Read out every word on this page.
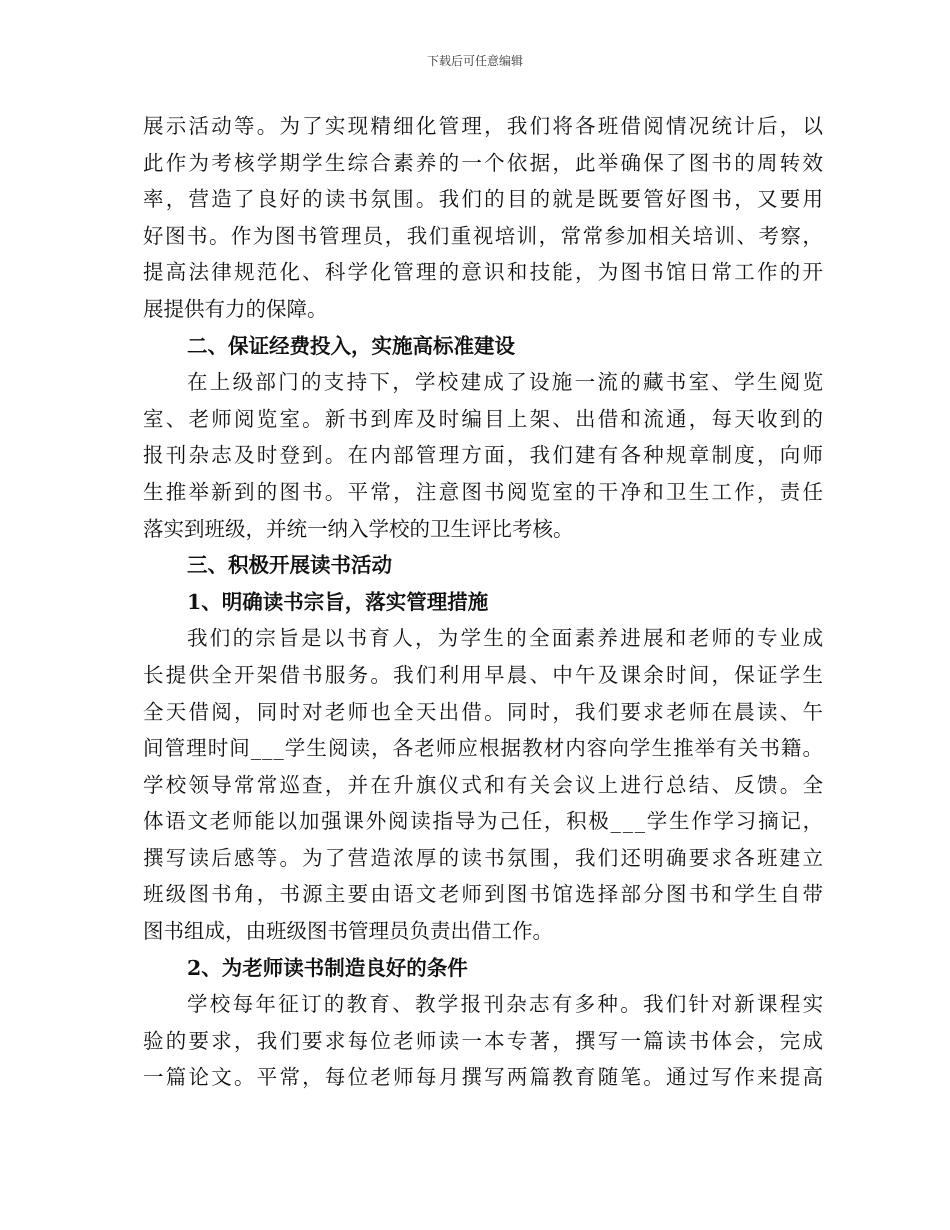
下载后可任意编辑
展示活动等。为了实现精细化管理，我们将各班借阅情况统计后，以
此作为考核学期学生综合素养的一个依据，此举确保了图书的周转效
率，营造了良好的读书氛围。我们的目的就是既要管好图书，又要用
好图书。作为图书管理员，我们重视培训，常常参加相关培训、考察，
提高法律规范化、科学化管理的意识和技能，为图书馆日常工作的开
展提供有力的保障。
二、保证经费投入，实施高标准建设
在上级部门的支持下，学校建成了设施一流的藏书室、学生阅览
室、老师阅览室。新书到库及时编目上架、出借和流通，每天收到的
报刊杂志及时登到。在内部管理方面，我们建有各种规章制度，向师
生推举新到的图书。平常，注意图书阅览室的干净和卫生工作，责任
落实到班级，并统一纳入学校的卫生评比考核。
三、积极开展读书活动
1、明确读书宗旨，落实管理措施
我们的宗旨是以书育人，为学生的全面素养进展和老师的专业成
长提供全开架借书服务。我们利用早晨、中午及课余时间，保证学生
全天借阅，同时对老师也全天出借。同时，我们要求老师在晨读、午
间管理时间___学生阅读，各老师应根据教材内容向学生推举有关书籍。
学校领导常常巡查，并在升旗仪式和有关会议上进行总结、反馈。全
体语文老师能以加强课外阅读指导为己任，积极___学生作学习摘记，
撰写读后感等。为了营造浓厚的读书氛围，我们还明确要求各班建立
班级图书角，书源主要由语文老师到图书馆选择部分图书和学生自带
图书组成，由班级图书管理员负责出借工作。
2、为老师读书制造良好的条件
学校每年征订的教育、教学报刊杂志有多种。我们针对新课程实
验的要求，我们要求每位老师读一本专著，撰写一篇读书体会，完成
一篇论文。平常，每位老师每月撰写两篇教育随笔。通过写作来提高
